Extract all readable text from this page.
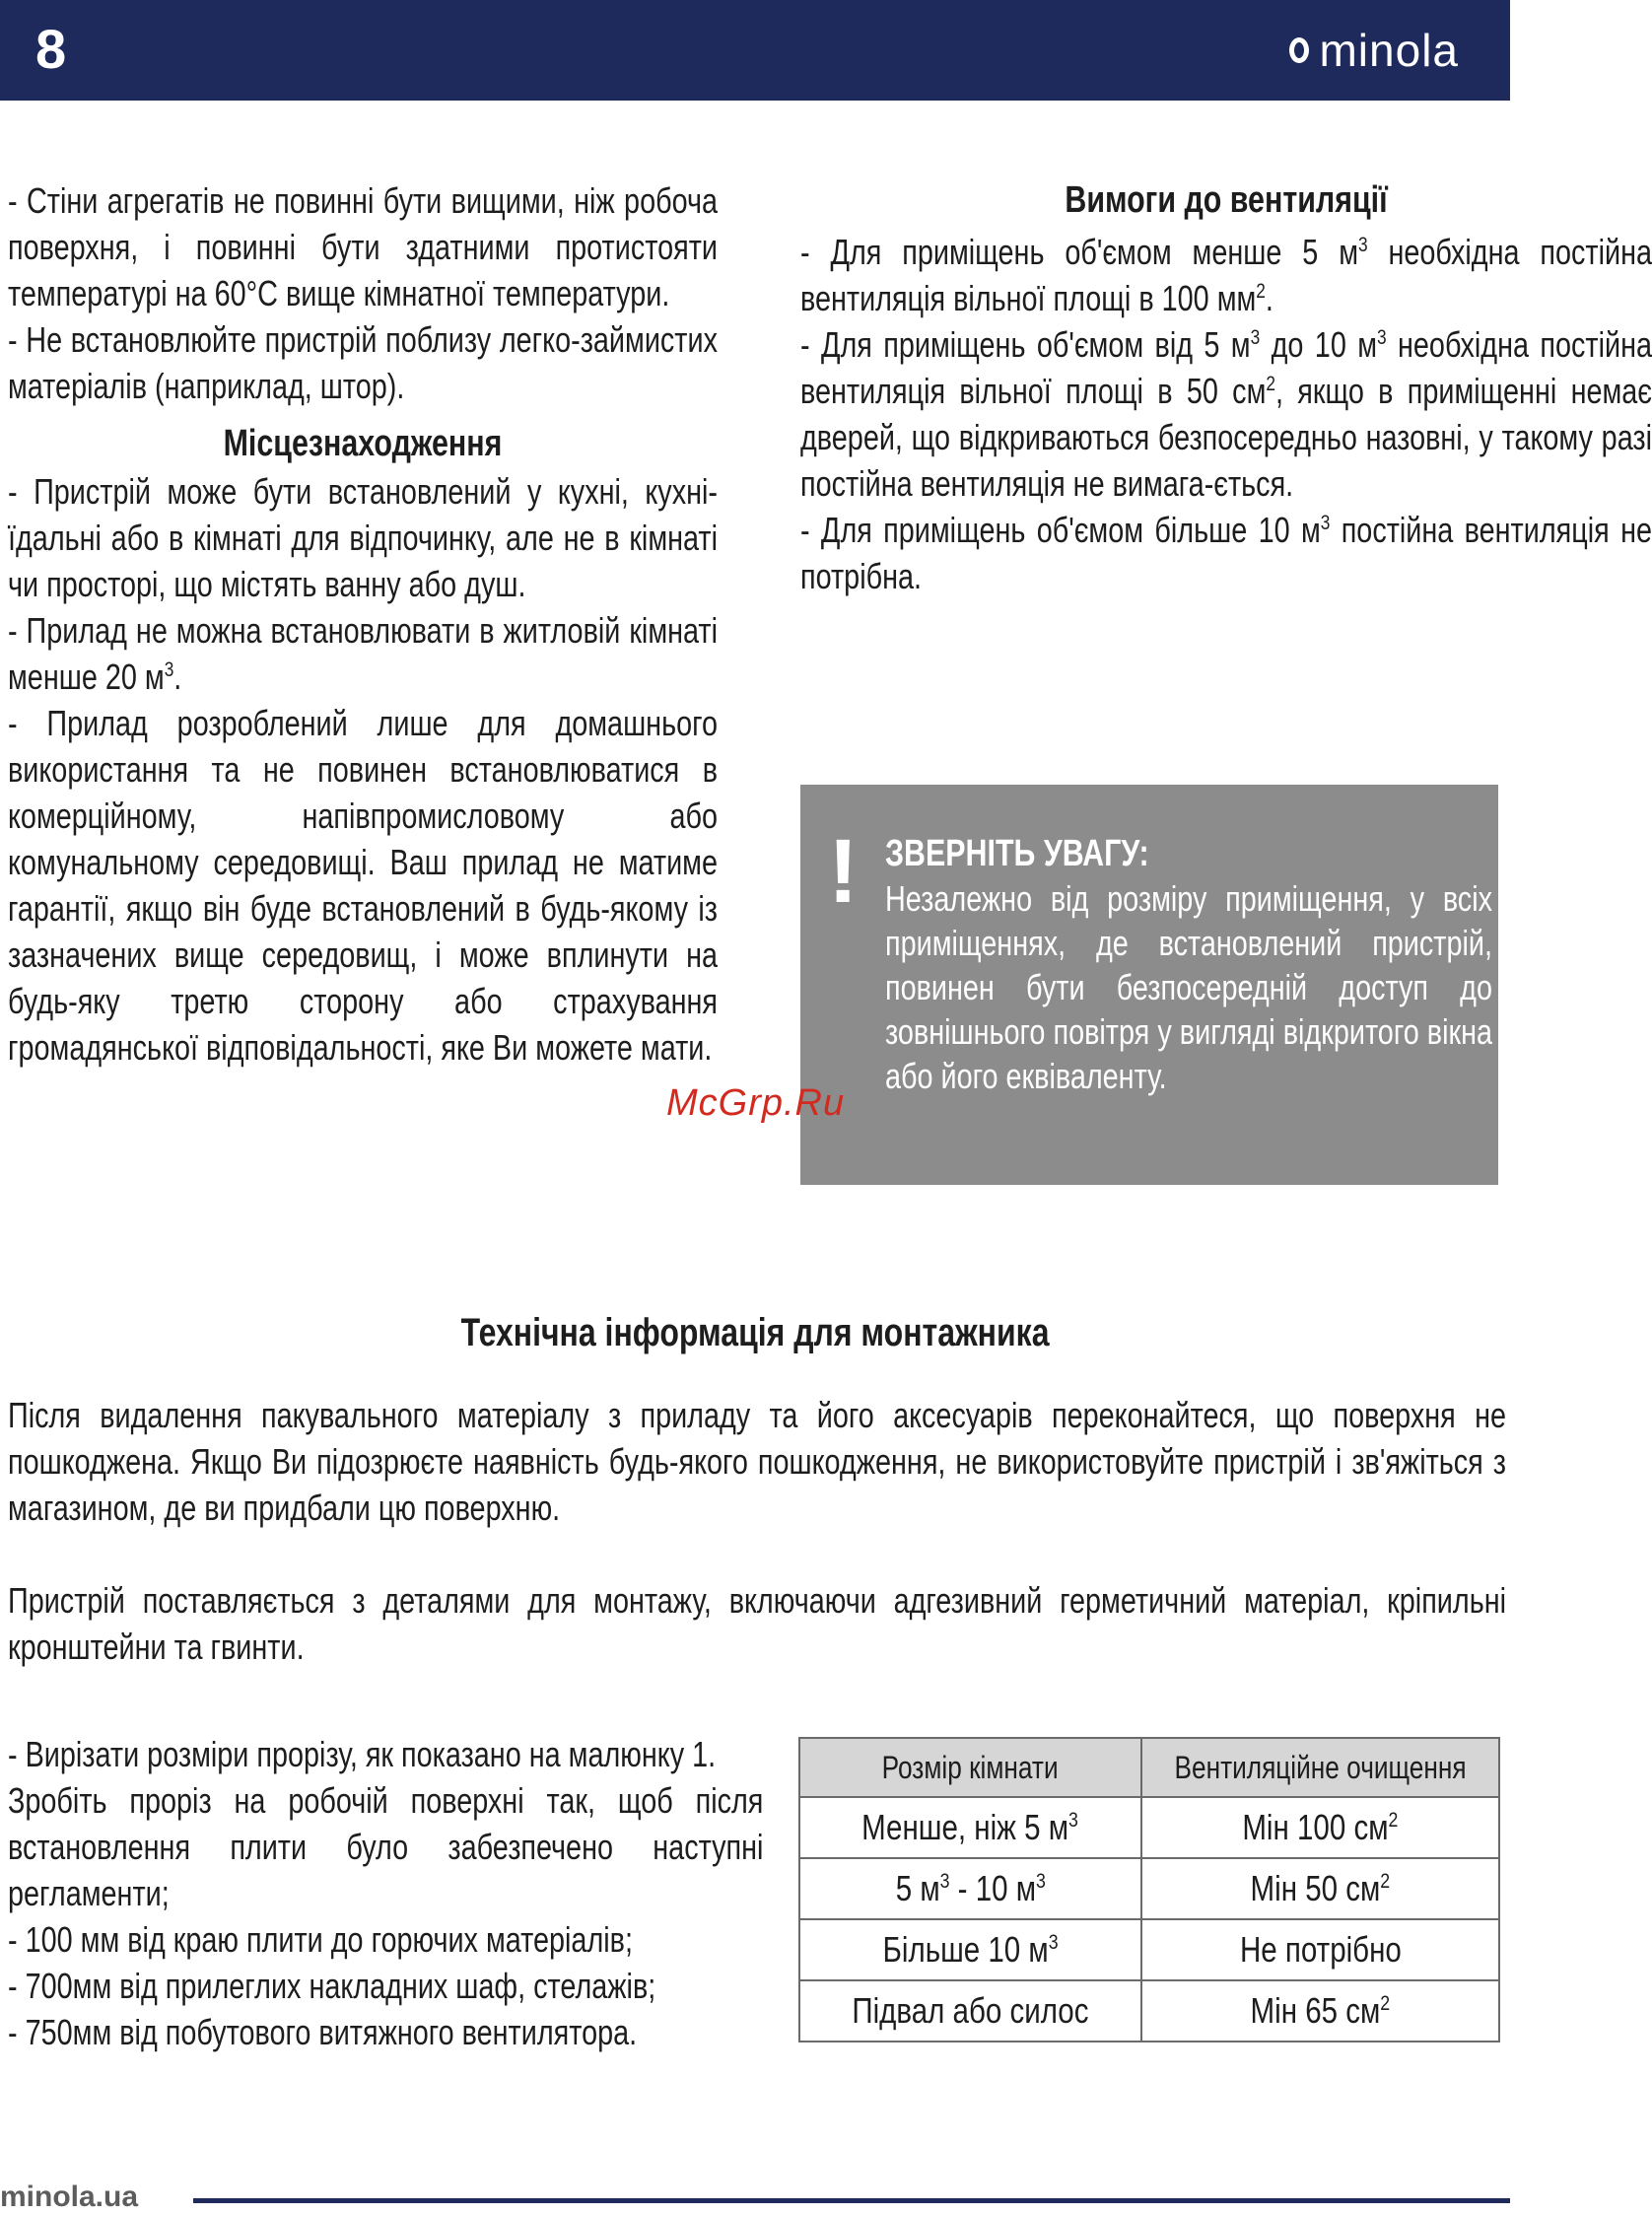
8	minola

- Стіни агрегатів не повинні бути вищими, ніж робоча поверхня, і повинні бути здатними протистояти температурі на 60°C вище кімнатної температури.

- Не встановлюйте пристрій поблизу легко-займистих матеріалів (наприклад, штор).

Місцезнаходження

- Пристрій може бути встановлений у кухні, кухні-їдальні або в кімнаті для відпочинку, але не в кімнаті чи просторі, що містять ванну або душ.

- Прилад не можна встановлювати в житловій кімнаті менше 20 $м^3$.

- Прилад розроблений лише для домашнього використання та не повинен встановлюватися в комерційному, напівпромисловому або комунальному середовищі. Ваш прилад не матиме гарантії, якщо він буде встановлений в будь-якому із зазначених вище середовищ, і може вплинути на будь-яку третю сторону або страхування громадянської відповідальності, яке Ви можете мати.

Вимоги до вентиляції

- Для приміщень об'ємом менше 5 $м^3$ необхідна постійна вентиляція вільної площі в 100 $мм^2$.

- Для приміщень об'ємом від 5 $м^3$ до 10 $м^3$ необхідна постійна вентиляція вільної площі в 50 $см^2$, якщо в приміщенні немає дверей, що відкриваються безпосередньо назовні, у такому разі постійна вентиляція не вимага-ється.

- Для приміщень об'ємом більше 10 $м^3$ постійна вентиляція не потрібна.

! ЗВЕРНІТЬ УВАГУ:
Незалежно від розміру приміщення, у всіх приміщеннях, де встановлений пристрій, повинен бути безпосередній доступ до зовнішнього повітря у вигляді відкритого вікна або його еквіваленту.
McGrp.Ru
Технічна інформація для монтажника

Після видалення пакувального матеріалу з приладу та його аксесуарів переконайтеся, що поверхня не пошкоджена. Якщо Ви підозрюєте наявність будь-якого пошкодження, не використовуйте пристрій і зв'яжіться з магазином, де ви придбали цю поверхню.

Пристрій поставляється з деталями для монтажу, включаючи адгезивний герметичний матеріал, кріпильні кронштейни та гвинти.

- Вирізати розміри прорізу, як показано на малюнку 1.

Зробіть проріз на робочій поверхні так, щоб після встановлення плити було забезпечено наступні регламенти;

- 100 мм від краю плити до горючих матеріалів;

- 700мм від прилеглих накладних шаф, стелажів;

- 750мм від побутового витяжного вентилятора.

Розмір кімнати	Вентиляційне очищення
Менше, ніж 5 $м^3$	Мін 100 $см^2$
5 $м^3 - 10$ $м^3$	Мін 50 $см^2$
Більше 10 $м^3$	Не потрібно
Підвал або силос	Мін 65 $см^2$
minola.ua
